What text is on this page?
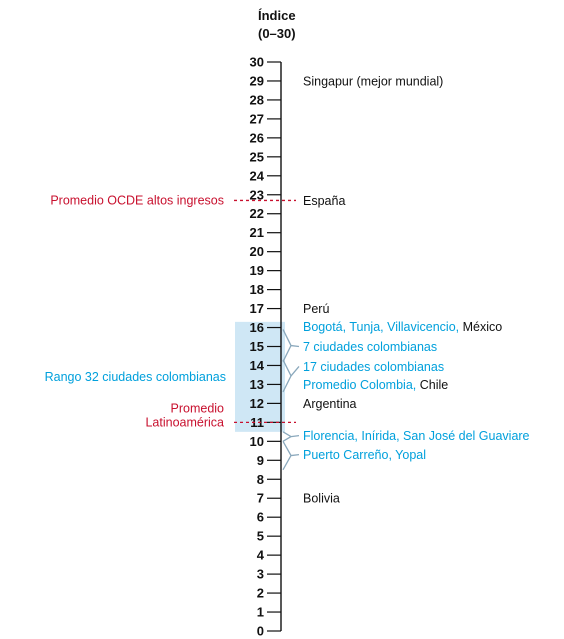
Índice
(0–30)
Rango 32 ciudades colombianas
0
1
2
3
4
5
6
7
8
9
10
11
12
13
14
15
16
17
18
19
20
21
22
23
24
25
26
27
28
29
30
Promedio OCDE altos ingresos
Promedio
Latinoamérica
Singapur (mejor mundial)
España
Perú
Bogotá, Tunja, Villavicencio, México
7 ciudades colombianas
17 ciudades colombianas
Promedio Colombia, Chile
Argentina
Florencia, Inírida, San José del Guaviare
Puerto Carreño, Yopal
Bolivia
